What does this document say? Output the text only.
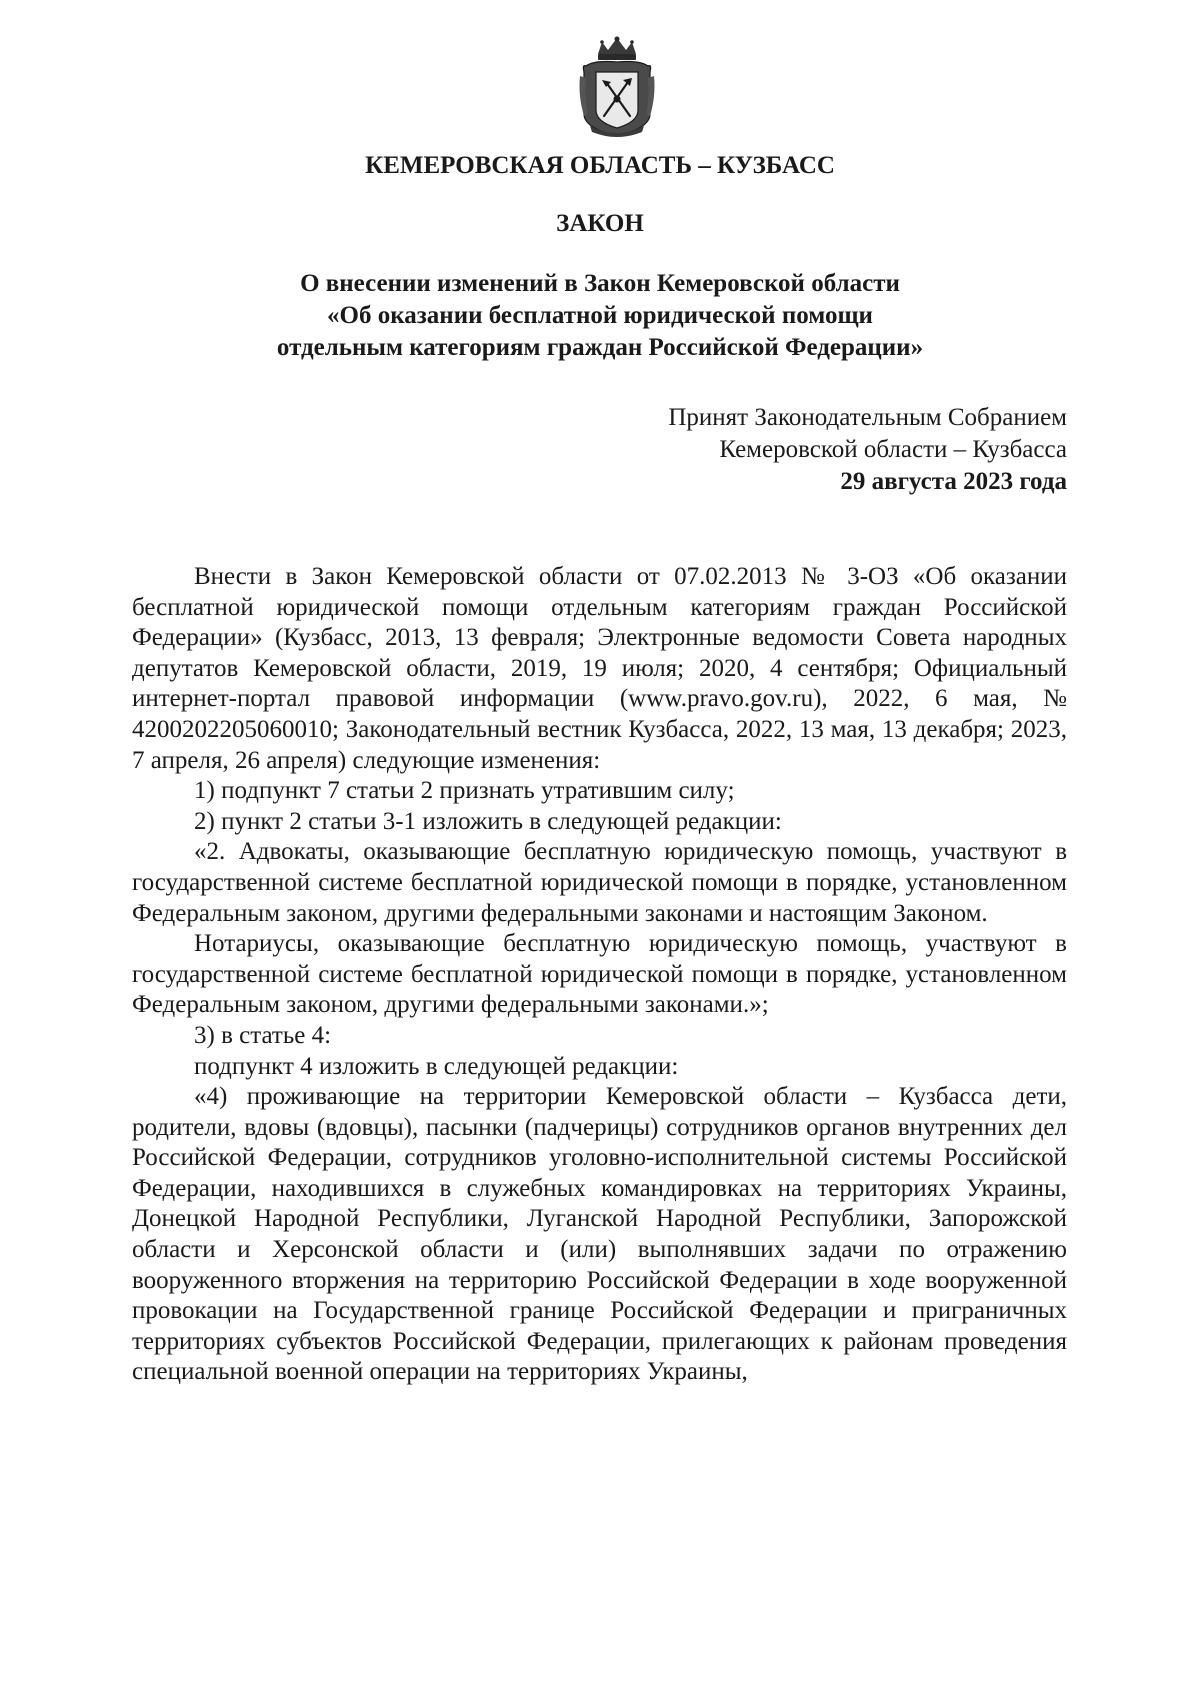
КЕМЕРОВСКАЯ ОБЛАСТЬ – КУЗБАСС
ЗАКОН
О внесении изменений в Закон Кемеровской области
«Об оказании бесплатной юридической помощи
отдельным категориям граждан Российской Федерации»
Принят Законодательным Собранием
Кемеровской области – Кузбасса
29 августа 2023 года

Внести в Закон Кемеровской области от 07.02.2013 № 3-ОЗ «Об оказании бесплатной юридической помощи отдельным категориям граждан Российской Федерации» (Кузбасс, 2013, 13 февраля; Электронные ведомости Совета народных депутатов Кемеровской области, 2019, 19 июля; 2020, 4 сентября; Официальный интернет-портал правовой информации (www.pravo.gov.ru), 2022, 6 мая, № 4200202205060010; Законодательный вестник Кузбасса, 2022, 13 мая, 13 декабря; 2023, 7 апреля, 26 апреля) следующие изменения:

1) подпункт 7 статьи 2 признать утратившим силу;

2) пункт 2 статьи 3-1 изложить в следующей редакции:

«2. Адвокаты, оказывающие бесплатную юридическую помощь, участвуют в государственной системе бесплатной юридической помощи в порядке, установленном Федеральным законом, другими федеральными законами и настоящим Законом.

Нотариусы, оказывающие бесплатную юридическую помощь, участвуют в государственной системе бесплатной юридической помощи в порядке, установленном Федеральным законом, другими федеральными законами.»;

3) в статье 4:

подпункт 4 изложить в следующей редакции:

«4) проживающие на территории Кемеровской области – Кузбасса дети, родители, вдовы (вдовцы), пасынки (падчерицы) сотрудников органов внутренних дел Российской Федерации, сотрудников уголовно-исполнительной системы Российской Федерации, находившихся в служебных командировках на территориях Украины, Донецкой Народной Республики, Луганской Народной Республики, Запорожской области и Херсонской области и (или) выполнявших задачи по отражению вооруженного вторжения на территорию Российской Федерации в ходе вооруженной провокации на Государственной границе Российской Федерации и приграничных территориях субъектов Российской Федерации, прилегающих к районам проведения специальной военной операции на территориях Украины,
